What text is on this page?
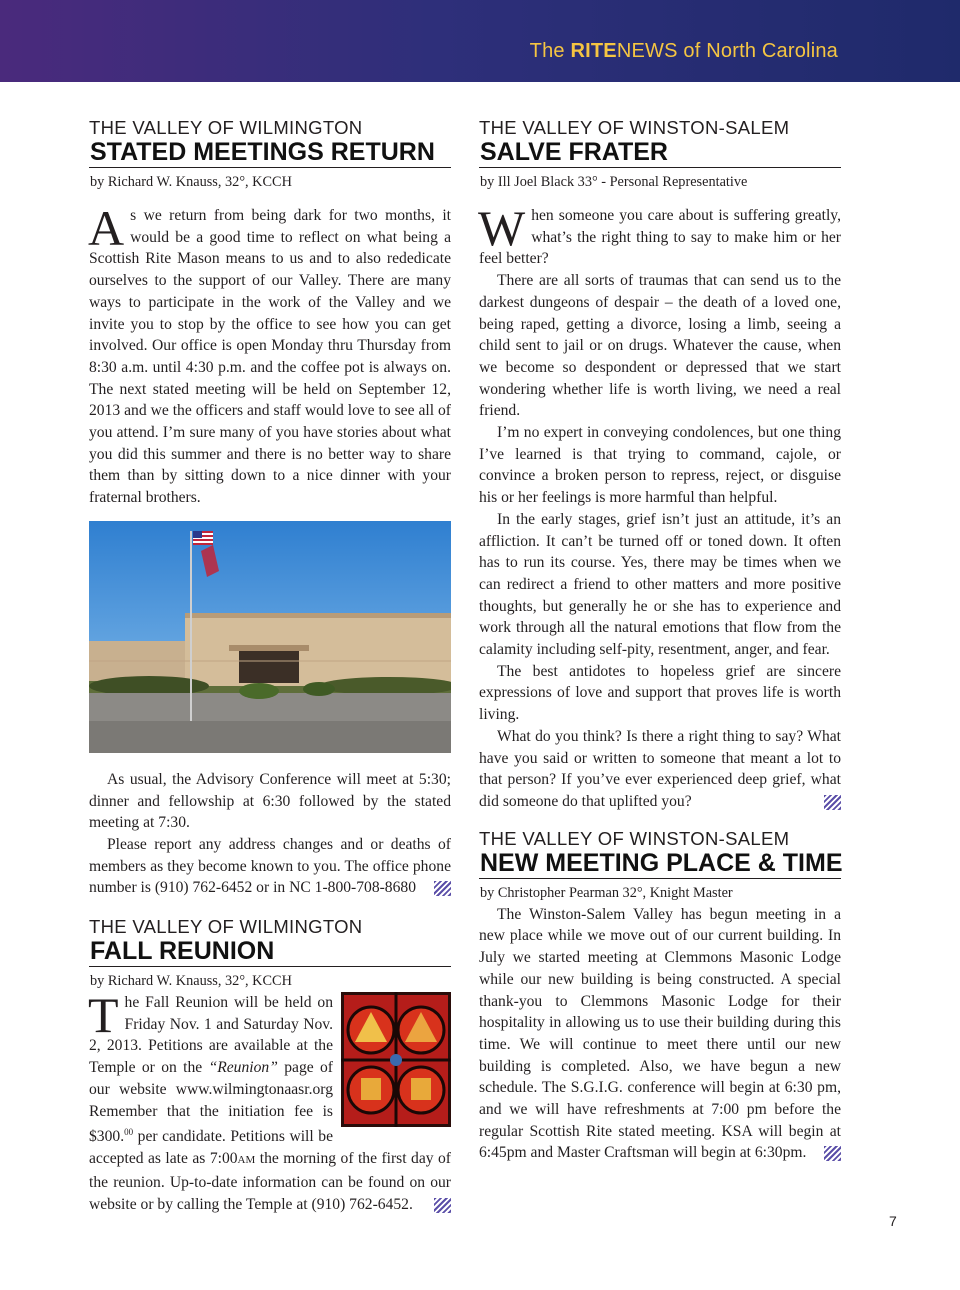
The RITENEWS of North Carolina
THE VALLEY OF WILMINGTON
STATED MEETINGS RETURN
by Richard W. Knauss, 32°, KCCH

As we return from being dark for two months, it would be a good time to reflect on what being a Scottish Rite Mason means to us and to also rededicate ourselves to the support of our Valley. There are many ways to participate in the work of the Valley and we invite you to stop by the office to see how you can get involved. Our office is open Monday thru Thursday from 8:30 a.m. until 4:30 p.m. and the coffee pot is always on. The next stated meeting will be held on September 12, 2013 and we the officers and staff would love to see all of you attend. I’m sure many of you have stories about what you did this summer and there is no better way to share them than by sitting down to a nice dinner with your fraternal brothers.

As usual, the Advisory Conference will meet at 5:30; dinner and fellowship at 6:30 followed by the stated meeting at 7:30.

Please report any address changes and or deaths of members as they become known to you. The office phone number is (910) 762-6452 or in NC 1-800-708-8680

THE VALLEY OF WILMINGTON
FALL REUNION
by Richard W. Knauss, 32°, KCCH

The Fall Reunion will be held on Friday Nov. 1 and Saturday Nov. 2, 2013. Petitions are available at the Temple or on the “Reunion” page of our website www.wilmingtonaasr.org Remember that the initiation fee is $300.00 per candidate. Petitions will be accepted as late as 7:00AM the morning of the first day of the reunion. Up-to-date information can be found on our website or by calling the Temple at (910) 762-6452.

THE VALLEY OF WINSTON-SALEM
SALVE FRATER
by Ill Joel Black 33° - Personal Representative

When someone you care about is suffering greatly, what’s the right thing to say to make him or her feel better?

There are all sorts of traumas that can send us to the darkest dungeons of despair – the death of a loved one, being raped, getting a divorce, losing a limb, seeing a child sent to jail or on drugs. Whatever the cause, when we become so despondent or depressed that we start wondering whether life is worth living, we need a real friend.

I’m no expert in conveying condolences, but one thing I’ve learned is that trying to command, cajole, or convince a broken person to repress, reject, or disguise his or her feelings is more harmful than helpful.

In the early stages, grief isn’t just an attitude, it’s an affliction. It can’t be turned off or toned down. It often has to run its course. Yes, there may be times when we can redirect a friend to other matters and more positive thoughts, but generally he or she has to experience and work through all the natural emotions that flow from the calamity including self-pity, resentment, anger, and fear.

The best antidotes to hopeless grief are sincere expressions of love and support that proves life is worth living.

What do you think? Is there a right thing to say? What have you said or written to someone that meant a lot to that person? If you’ve ever experienced deep grief, what did someone do that uplifted you?

THE VALLEY OF WINSTON-SALEM
NEW MEETING PLACE & TIME
by Christopher Pearman 32°, Knight Master

The Winston-Salem Valley has begun meeting in a new place while we move out of our current building. In July we started meeting at Clemmons Masonic Lodge while our new building is being constructed. A special thank-you to Clemmons Masonic Lodge for their hospitality in allowing us to use their building during this time. We will continue to meet there until our new building is completed. Also, we have begun a new schedule. The S.G.I.G. conference will begin at 6:30 pm, and we will have refreshments at 7:00 pm before the regular Scottish Rite stated meeting. KSA will begin at 6:45pm and Master Craftsman will begin at 6:30pm.

7
